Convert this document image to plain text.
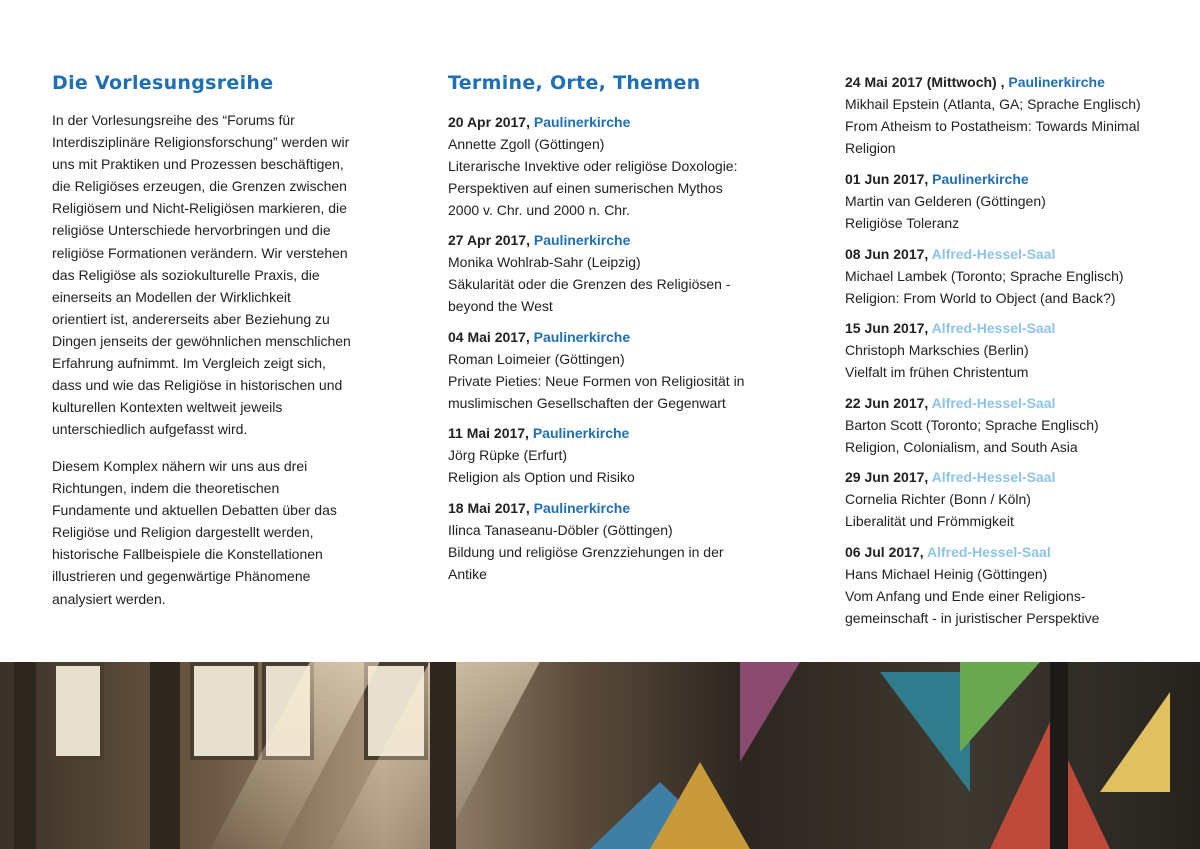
Die Vorlesungsreihe
In der Vorlesungsreihe des “Forums für
Interdisziplinäre Religionsforschung” werden wir
uns mit Praktiken und Prozessen beschäftigen,
die Religiöses erzeugen, die Grenzen zwischen
Religiösem und Nicht-Religiösen markieren, die
religiöse Unterschiede hervorbringen und die
religiöse Formationen verändern. Wir verstehen
das Religiöse als soziokulturelle Praxis, die
einerseits an Modellen der Wirklichkeit
orientiert ist, andererseits aber Beziehung zu
Dingen jenseits der gewöhnlichen menschlichen
Erfahrung aufnimmt. Im Vergleich zeigt sich,
dass und wie das Religiöse in historischen und
kulturellen Kontexten weltweit jeweils
unterschiedlich aufgefasst wird.
Diesem Komplex nähern wir uns aus drei
Richtungen, indem die theoretischen
Fundamente und aktuellen Debatten über das
Religiöse und Religion dargestellt werden,
historische Fallbeispiele die Konstellationen
illustrieren und gegenwärtige Phänomene
analysiert werden.
Termine, Orte, Themen
20 Apr 2017, Paulinerkirche
Annette Zgoll (Göttingen)
Literarische Invektive oder religiöse Doxologie:
Perspektiven auf einen sumerischen Mythos
2000 v. Chr. und 2000 n. Chr.
27 Apr 2017, Paulinerkirche
Monika Wohlrab-Sahr (Leipzig)
Säkularität oder die Grenzen des Religiösen -
beyond the West
04 Mai 2017, Paulinerkirche
Roman Loimeier (Göttingen)
Private Pieties: Neue Formen von Religiosität in
muslimischen Gesellschaften der Gegenwart
11 Mai 2017, Paulinerkirche
Jörg Rüpke (Erfurt)
Religion als Option und Risiko
18 Mai 2017, Paulinerkirche
Ilinca Tanaseanu-Döbler (Göttingen)
Bildung und religiöse Grenzziehungen in der
Antike
24 Mai 2017 (Mittwoch) , Paulinerkirche
Mikhail Epstein (Atlanta, GA; Sprache Englisch)
From Atheism to Postatheism: Towards Minimal
Religion
01 Jun 2017, Paulinerkirche
Martin van Gelderen (Göttingen)
Religiöse Toleranz
08 Jun 2017, Alfred-Hessel-Saal
Michael Lambek (Toronto; Sprache Englisch)
Religion: From World to Object (and Back?)
15 Jun 2017, Alfred-Hessel-Saal
Christoph Markschies (Berlin)
Vielfalt im frühen Christentum
22 Jun 2017, Alfred-Hessel-Saal
Barton Scott (Toronto; Sprache Englisch)
Religion, Colonialism, and South Asia
29 Jun 2017, Alfred-Hessel-Saal
Cornelia Richter (Bonn / Köln)
Liberalität und Frömmigkeit
06 Jul 2017, Alfred-Hessel-Saal
Hans Michael Heinig (Göttingen)
Vom Anfang und Ende einer Religions-
gemeinschaft - in juristischer Perspektive
